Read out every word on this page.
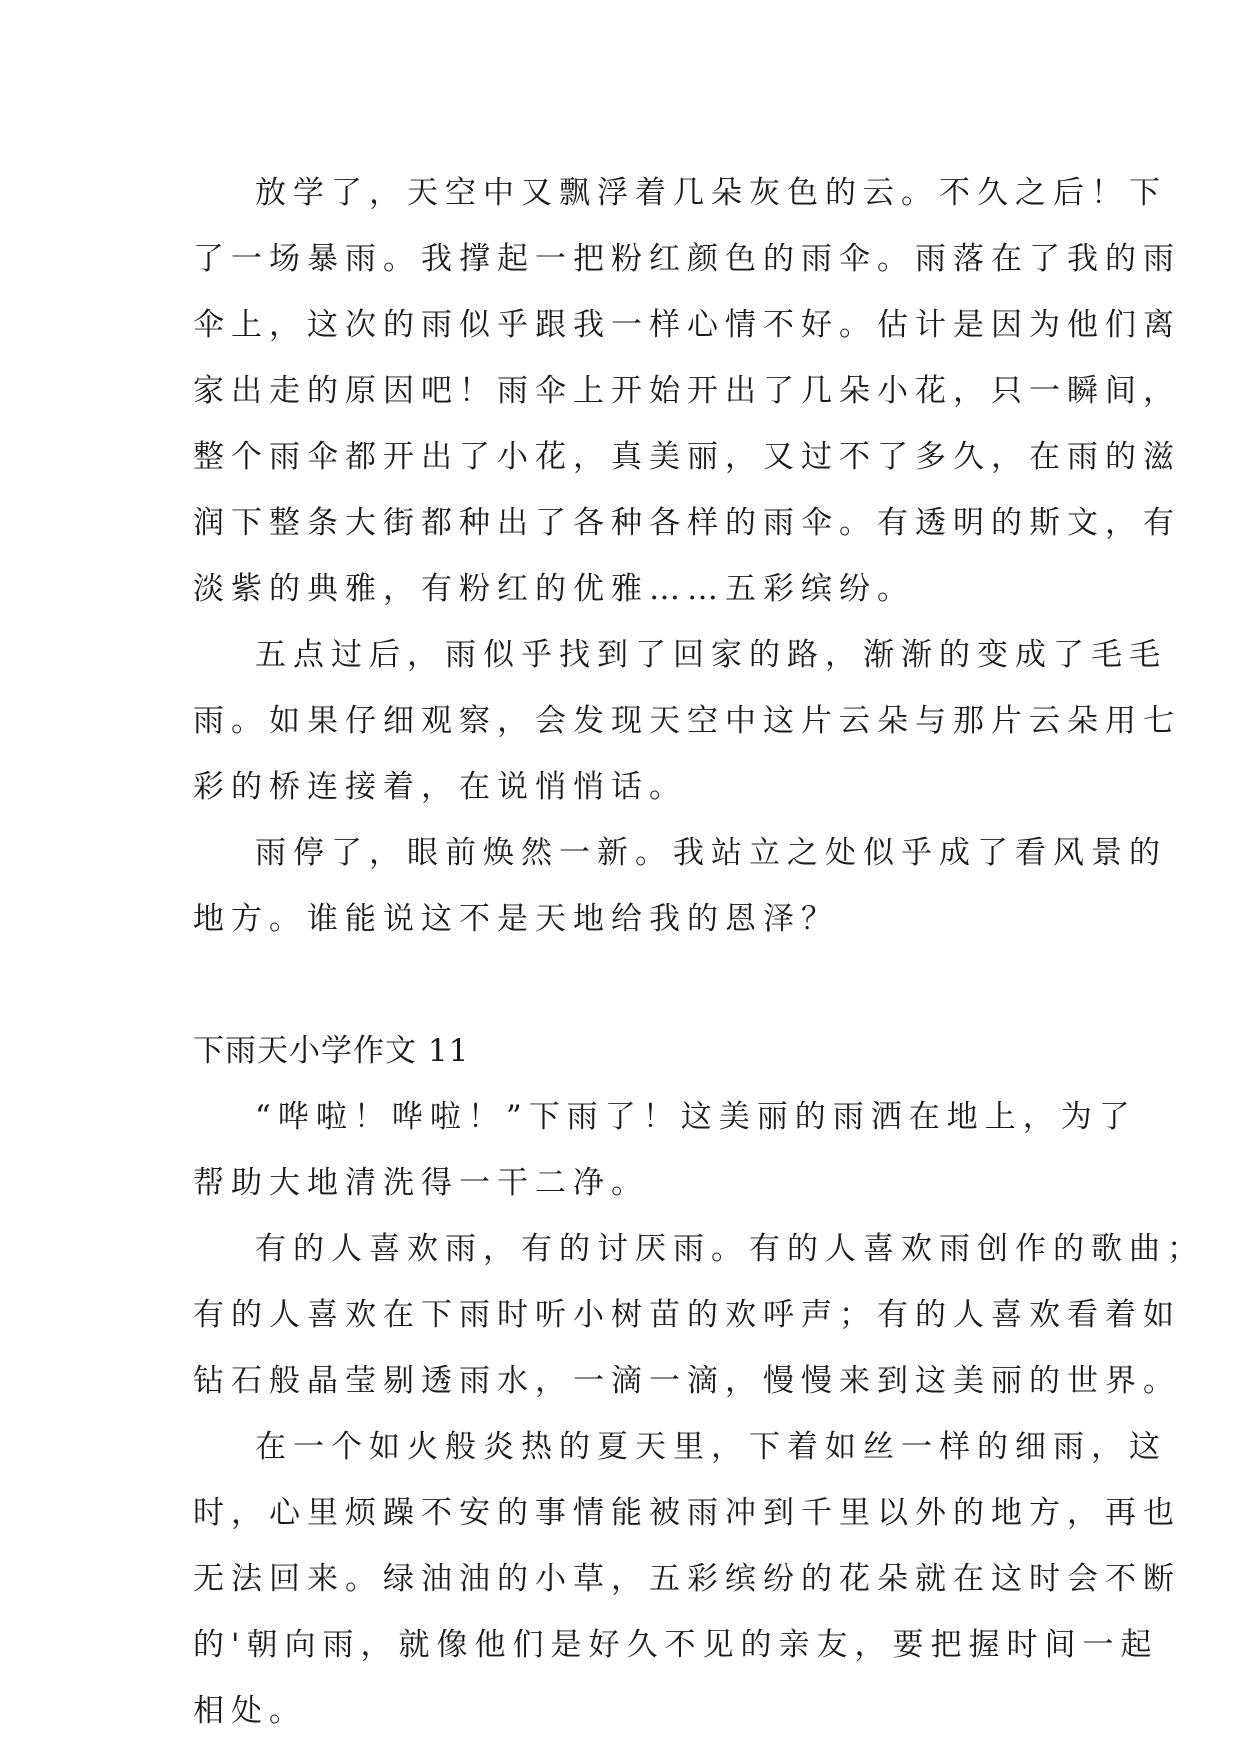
放学了，天空中又飘浮着几朵灰色的云。不久之后！下
了一场暴雨。我撑起一把粉红颜色的雨伞。雨落在了我的雨
伞上，这次的雨似乎跟我一样心情不好。估计是因为他们离
家出走的原因吧！雨伞上开始开出了几朵小花，只一瞬间，
整个雨伞都开出了小花，真美丽，又过不了多久，在雨的滋
润下整条大街都种出了各种各样的雨伞。有透明的斯文，有
淡紫的典雅，有粉红的优雅……五彩缤纷。
五点过后，雨似乎找到了回家的路，渐渐的变成了毛毛
雨。如果仔细观察，会发现天空中这片云朵与那片云朵用七
彩的桥连接着，在说悄悄话。
雨停了，眼前焕然一新。我站立之处似乎成了看风景的
地方。谁能说这不是天地给我的恩泽？
下雨天小学作文 11
“哗啦！哗啦！”下雨了！这美丽的雨洒在地上，为了
帮助大地清洗得一干二净。
有的人喜欢雨，有的讨厌雨。有的人喜欢雨创作的歌曲；
有的人喜欢在下雨时听小树苗的欢呼声；有的人喜欢看着如
钻石般晶莹剔透雨水，一滴一滴，慢慢来到这美丽的世界。
在一个如火般炎热的夏天里，下着如丝一样的细雨，这
时，心里烦躁不安的事情能被雨冲到千里以外的地方，再也
无法回来。绿油油的小草，五彩缤纷的花朵就在这时会不断
的'朝向雨，就像他们是好久不见的亲友，要把握时间一起
相处。
